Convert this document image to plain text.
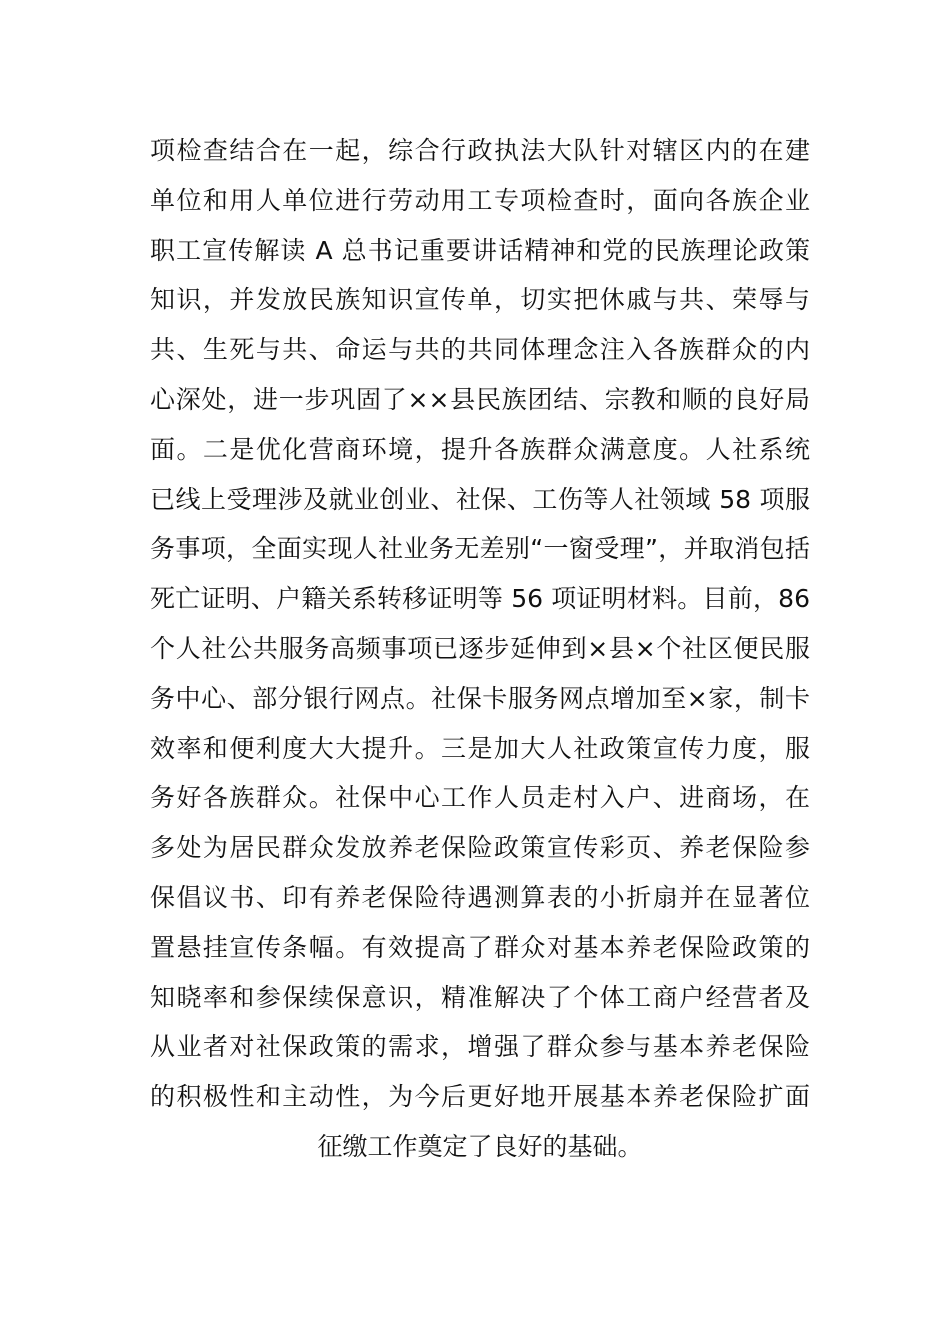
项检查结合在一起，综合行政执法大队针对辖区内的在建
单位和用人单位进行劳动用工专项检查时，面向各族企业
职工宣传解读 A 总书记重要讲话精神和党的民族理论政策
知识，并发放民族知识宣传单，切实把休戚与共、荣辱与
共、生死与共、命运与共的共同体理念注入各族群众的内
心深处，进一步巩固了××县民族团结、宗教和顺的良好局
面。二是优化营商环境，提升各族群众满意度。人社系统
已线上受理涉及就业创业、社保、工伤等人社领域 58 项服
务事项，全面实现人社业务无差别“一窗受理”，并取消包括
死亡证明、户籍关系转移证明等 56 项证明材料。目前，86
个人社公共服务高频事项已逐步延伸到×县×个社区便民服
务中心、部分银行网点。社保卡服务网点增加至×家，制卡
效率和便利度大大提升。三是加大人社政策宣传力度，服
务好各族群众。社保中心工作人员走村入户、进商场，在
多处为居民群众发放养老保险政策宣传彩页、养老保险参
保倡议书、印有养老保险待遇测算表的小折扇并在显著位
置悬挂宣传条幅。有效提高了群众对基本养老保险政策的
知晓率和参保续保意识，精准解决了个体工商户经营者及
从业者对社保政策的需求，增强了群众参与基本养老保险
的积极性和主动性，为今后更好地开展基本养老保险扩面
征缴工作奠定了良好的基础。
